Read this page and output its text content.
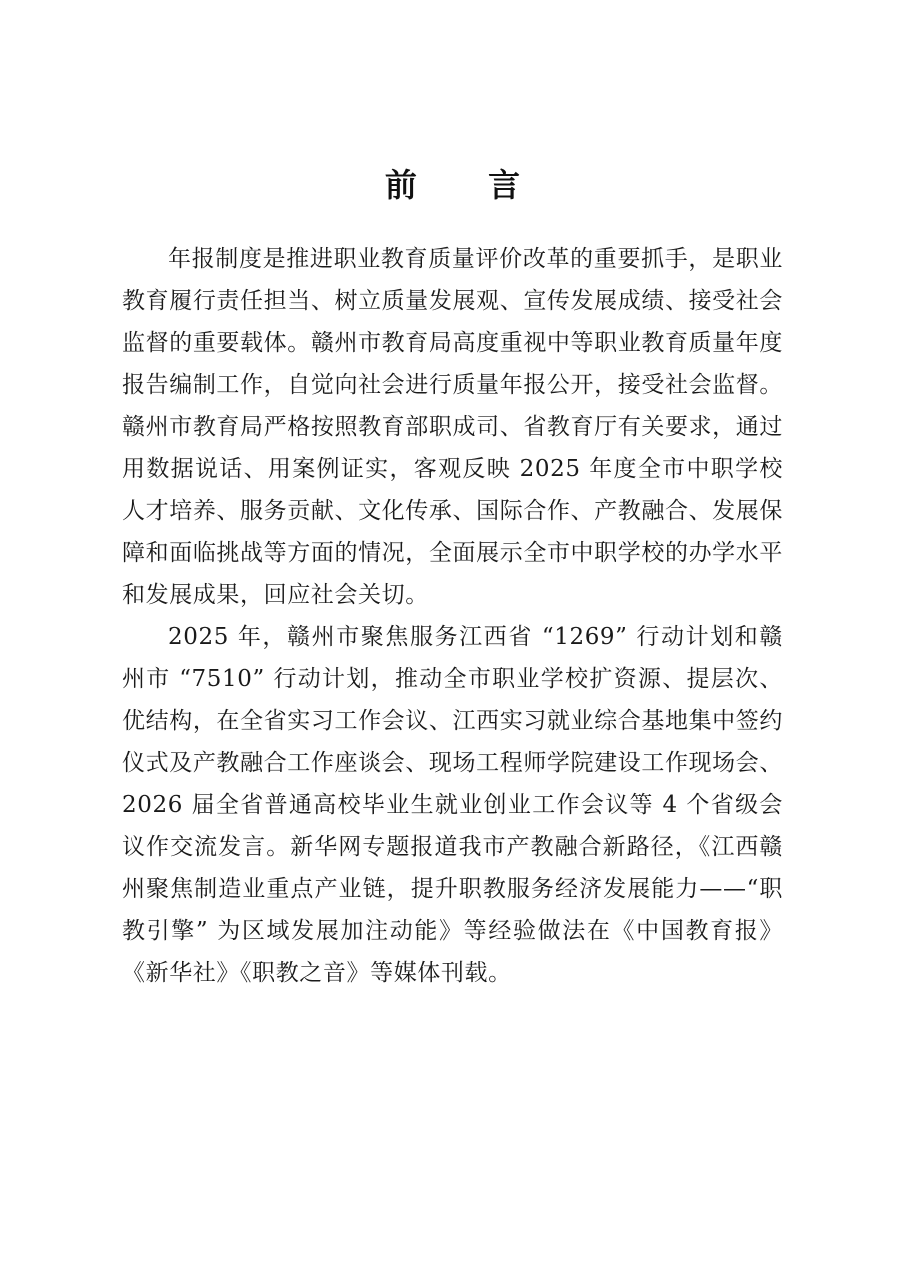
前 言

年报制度是推进职业教育质量评价改革的重要抓手，是职业教育履行责任担当、树立质量发展观、宣传发展成绩、接受社会监督的重要载体。赣州市教育局高度重视中等职业教育质量年度报告编制工作，自觉向社会进行质量年报公开，接受社会监督。赣州市教育局严格按照教育部职成司、省教育厅有关要求，通过用数据说话、用案例证实，客观反映 2025 年度全市中职学校人才培养、服务贡献、文化传承、国际合作、产教融合、发展保障和面临挑战等方面的情况，全面展示全市中职学校的办学水平和发展成果，回应社会关切。

2025 年，赣州市聚焦服务江西省 “1269” 行动计划和赣州市 “7510” 行动计划，推动全市职业学校扩资源、提层次、优结构，在全省实习工作会议、江西实习就业综合基地集中签约仪式及产教融合工作座谈会、现场工程师学院建设工作现场会、2026 届全省普通高校毕业生就业创业工作会议等 4 个省级会议作交流发言。新华网专题报道我市产教融合新路径，《江西赣州聚焦制造业重点产业链，提升职教服务经济发展能力——“职教引擎” 为区域发展加注动能》等经验做法在《中国教育报》《新华社》《职教之音》等媒体刊载。
